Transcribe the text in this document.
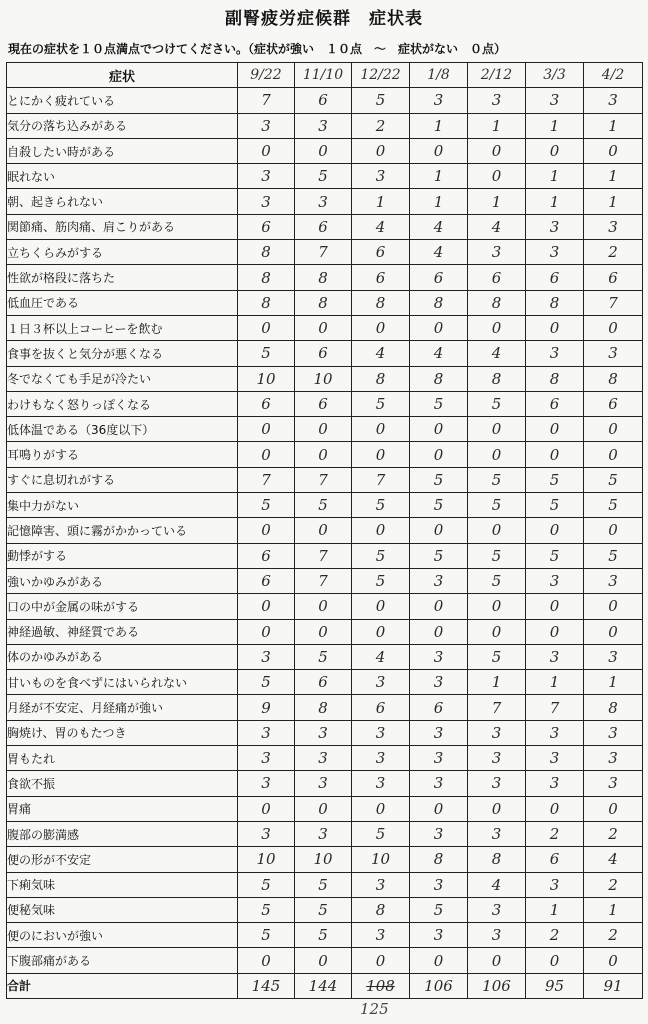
副腎疲労症候群　症状表
現在の症状を１０点満点でつけてください。（症状が強い　１０点　～　症状がない　０点）
症状	9/22	11/10	12/22	1/8	2/12	3/3	4/2
とにかく疲れている	7	6	5	3	3	3	3
気分の落ち込みがある	3	3	2	1	1	1	1
自殺したい時がある	0	0	0	0	0	0	0
眠れない	3	5	3	1	0	1	1
朝、起きられない	3	3	1	1	1	1	1
関節痛、筋肉痛、肩こりがある	6	6	4	4	4	3	3
立ちくらみがする	8	7	6	4	3	3	2
性欲が格段に落ちた	8	8	6	6	6	6	6
低血圧である	8	8	8	8	8	8	7
１日３杯以上コーヒーを飲む	0	0	0	0	0	0	0
食事を抜くと気分が悪くなる	5	6	4	4	4	3	3
冬でなくても手足が冷たい	10	10	8	8	8	8	8
わけもなく怒りっぽくなる	6	6	5	5	5	6	6
低体温である（36度以下）	0	0	0	0	0	0	0
耳鳴りがする	0	0	0	0	0	0	0
すぐに息切れがする	7	7	7	5	5	5	5
集中力がない	5	5	5	5	5	5	5
記憶障害、頭に霧がかかっている	0	0	0	0	0	0	0
動悸がする	6	7	5	5	5	5	5
強いかゆみがある	6	7	5	3	5	3	3
口の中が金属の味がする	0	0	0	0	0	0	0
神経過敏、神経質である	0	0	0	0	0	0	0
体のかゆみがある	3	5	4	3	5	3	3
甘いものを食べずにはいられない	5	6	3	3	1	1	1
月経が不安定、月経痛が強い	9	8	6	6	7	7	8
胸焼け、胃のもたつき	3	3	3	3	3	3	3
胃もたれ	3	3	3	3	3	3	3
食欲不振	3	3	3	3	3	3	3
胃痛	0	0	0	0	0	0	0
腹部の膨満感	3	3	5	3	3	2	2
便の形が不安定	10	10	10	8	8	6	4
下痢気味	5	5	3	3	4	3	2
便秘気味	5	5	8	5	3	1	1
便のにおいが強い	5	5	3	3	3	2	2
下腹部痛がある	0	0	0	0	0	0	0
合計	145	144	108	106	106	95	91
125
